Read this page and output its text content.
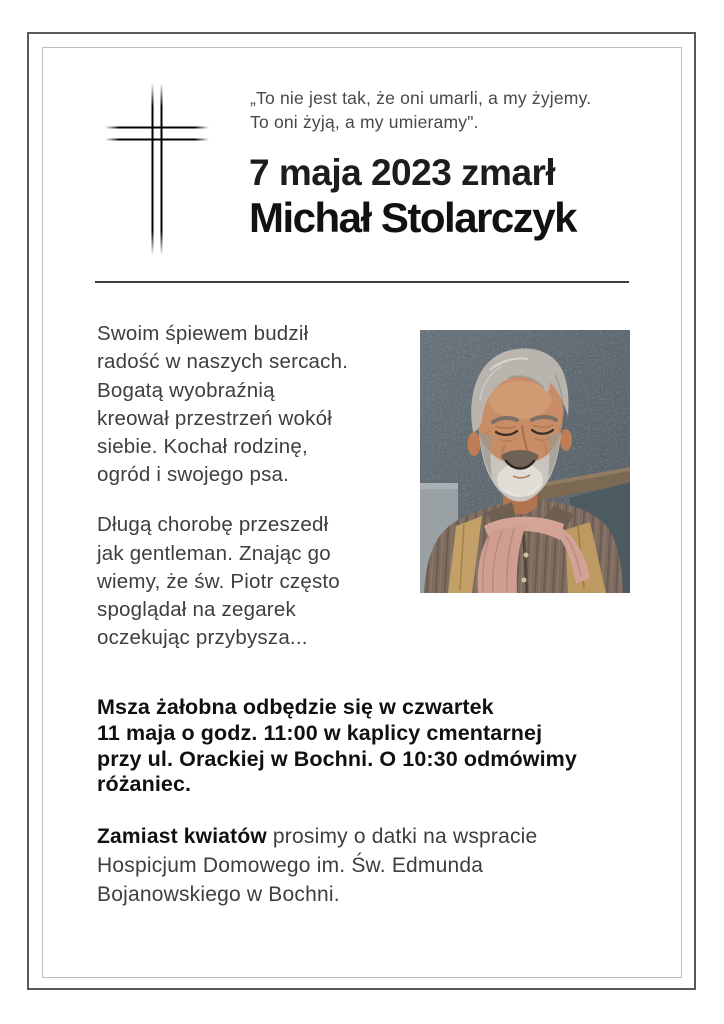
„To nie jest tak, że oni umarli, a my żyjemy.
To oni żyją, a my umieramy".
7 maja 2023 zmarł
Michał Stolarczyk
Swoim śpiewem budził
radość w naszych sercach.
Bogatą wyobraźnią
kreował przestrzeń wokół
siebie. Kochał rodzinę,
ogród i swojego psa.
Długą chorobę przeszedł
jak gentleman. Znając go
wiemy, że św. Piotr często
spoglądał na zegarek
oczekując przybysza...
Msza żałobna odbędzie się w czwartek
11 maja o godz. 11:00 w kaplicy cmentarnej
przy ul. Orackiej w Bochni. O 10:30 odmówimy
różaniec.
Zamiast kwiatów prosimy o datki na wspracie
Hospicjum Domowego im. Św. Edmunda
Bojanowskiego w Bochni.
